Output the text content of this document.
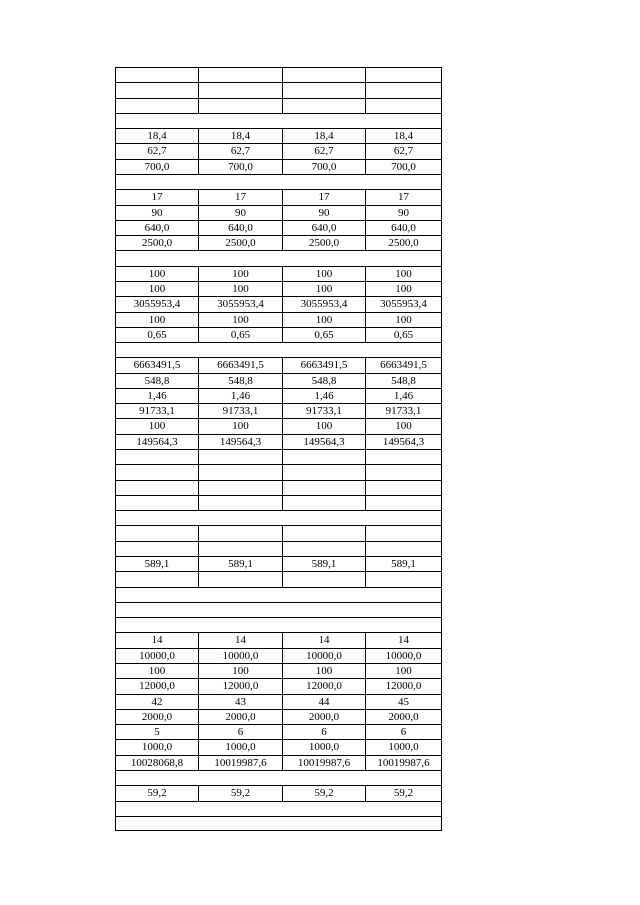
18,4	18,4	18,4	18,4
62,7	62,7	62,7	62,7
700,0	700,0	700,0	700,0
17	17	17	17
90	90	90	90
640,0	640,0	640,0	640,0
2500,0	2500,0	2500,0	2500,0
100	100	100	100
100	100	100	100
3055953,4	3055953,4	3055953,4	3055953,4
100	100	100	100
0,65	0,65	0,65	0,65
6663491,5	6663491,5	6663491,5	6663491,5
548,8	548,8	548,8	548,8
1,46	1,46	1,46	1,46
91733,1	91733,1	91733,1	91733,1
100	100	100	100
149564,3	149564,3	149564,3	149564,3
589,1	589,1	589,1	589,1
14	14	14	14
10000,0	10000,0	10000,0	10000,0
100	100	100	100
12000,0	12000,0	12000,0	12000,0
42	43	44	45
2000,0	2000,0	2000,0	2000,0
5	6	6	6
1000,0	1000,0	1000,0	1000,0
10028068,8	10019987,6	10019987,6	10019987,6
59,2	59,2	59,2	59,2
